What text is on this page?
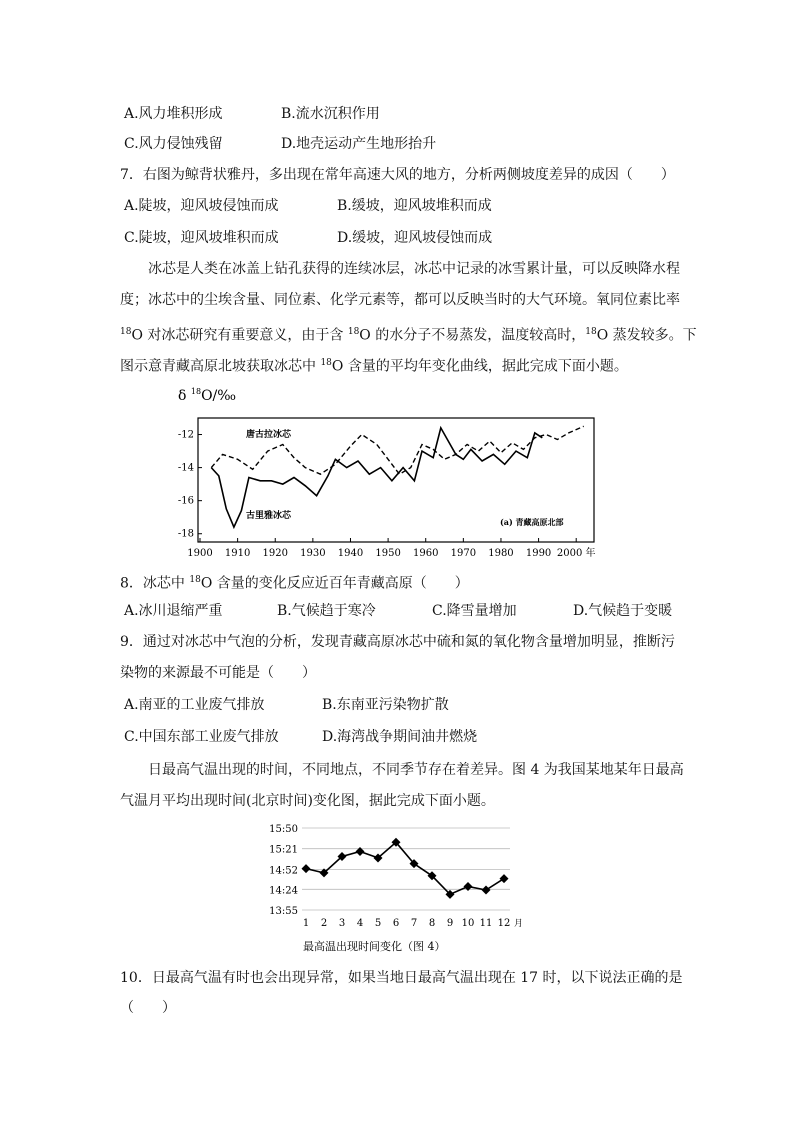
A.风力堆积形成	B.流水沉积作用
C.风力侵蚀残留	D.地壳运动产生地形抬升
7．右图为鲸背状雅丹，多出现在常年高速大风的地方，分析两侧坡度差异的成因（　　）
A.陡坡，迎风坡侵蚀而成	B.缓坡，迎风坡堆积而成
C.陡坡，迎风坡堆积而成	D.缓坡，迎风坡侵蚀而成
冰芯是人类在冰盖上钻孔获得的连续冰层，冰芯中记录的冰雪累计量，可以反映降水程
度；冰芯中的尘埃含量、同位素、化学元素等，都可以反映当时的大气环境。氧同位素比率
$^{18}$O 对冰芯研究有重要意义，由于含 $^{18}$O 的水分子不易蒸发，温度较高时，$^{18}$O 蒸发较多。下
图示意青藏高原北坡获取冰芯中 $^{18}$O 含量的平均年变化曲线，据此完成下面小题。
δ $^{18}$O/‰
-12
-14
-16
-18
1900 1910 1920 1930 1940 1950 1960 1970 1980 1990 2000 年
唐古拉冰芯
古里雅冰芯
(a) 青藏高原北部
8．冰芯中 $^{18}$O 含量的变化反应近百年青藏高原（　　）
A.冰川退缩严重	B.气候趋于寒冷	C.降雪量增加	D.气候趋于变暖
9．通过对冰芯中气泡的分析，发现青藏高原冰芯中硫和氮的氧化物含量增加明显，推断污
染物的来源最不可能是（　　）
A.南亚的工业废气排放	B.东南亚污染物扩散
C.中国东部工业废气排放	D.海湾战争期间油井燃烧
日最高气温出现的时间，不同地点，不同季节存在着差异。图 4 为我国某地某年日最高
气温月平均出现时间(北京时间)变化图，据此完成下面小题。
15:50
15:21
14:52
14:24
13:55
1 2 3 4 5 6 7 8 9 10 11 12 月
最高温出现时间变化（图 4）
10．日最高气温有时也会出现异常，如果当地日最高气温出现在 17 时，以下说法正确的是
（　　）
